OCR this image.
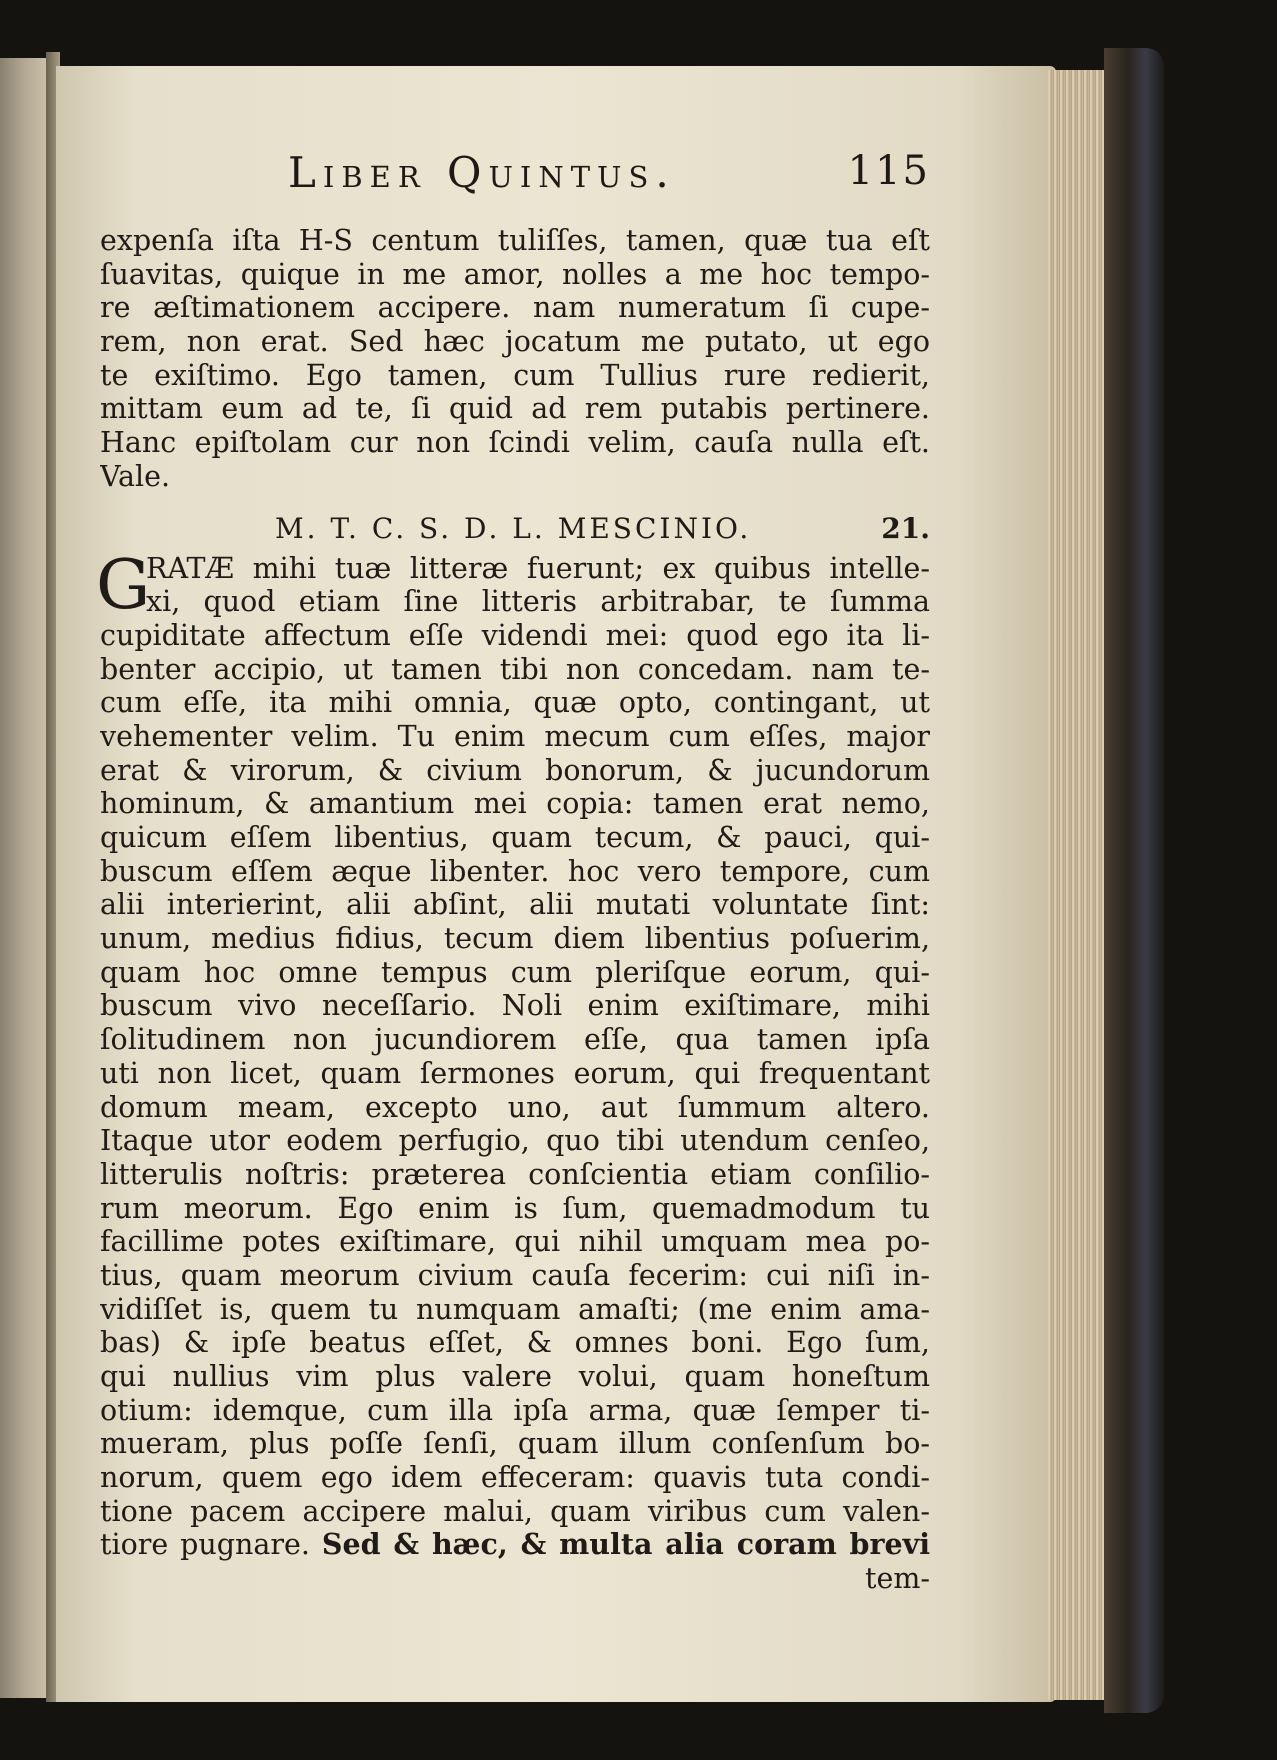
Liber Quintus.	115
expenſa iſta H-S centum tuliſſes, tamen, quæ tua eſt
ſuavitas, quique in me amor, nolles a me hoc tempo-
re æſtimationem accipere. nam numeratum ſi cupe-
rem, non erat. Sed hæc jocatum me putato, ut ego
te exiſtimo. Ego tamen, cum Tullius rure redierit,
mittam eum ad te, ſi quid ad rem putabis pertinere.
Hanc epiſtolam cur non ſcindi velim, cauſa nulla eſt.
Vale.
M. T. C. S. D. L. MESCINIO.	21.
G
RATÆ mihi tuæ litteræ fuerunt; ex quibus intelle-
xi, quod etiam ſine litteris arbitrabar, te ſumma
cupiditate affectum eſſe videndi mei: quod ego ita li-
benter accipio, ut tamen tibi non concedam. nam te-
cum eſſe, ita mihi omnia, quæ opto, contingant, ut
vehementer velim. Tu enim mecum cum eſſes, major
erat & virorum, & civium bonorum, & jucundorum
hominum, & amantium mei copia: tamen erat nemo,
quicum eſſem libentius, quam tecum, & pauci, qui-
buscum eſſem æque libenter. hoc vero tempore, cum
alii interierint, alii abſint, alii mutati voluntate ſint:
unum, medius fidius, tecum diem libentius poſuerim,
quam hoc omne tempus cum pleriſque eorum, qui-
buscum vivo neceſſario. Noli enim exiſtimare, mihi
ſolitudinem non jucundiorem eſſe, qua tamen ipſa
uti non licet, quam ſermones eorum, qui frequentant
domum meam, excepto uno, aut ſummum altero.
Itaque utor eodem perfugio, quo tibi utendum cenſeo,
litterulis noſtris: præterea conſcientia etiam conſilio-
rum meorum. Ego enim is ſum, quemadmodum tu
facillime potes exiſtimare, qui nihil umquam mea po-
tius, quam meorum civium cauſa fecerim: cui niſi in-
vidiſſet is, quem tu numquam amaſti; (me enim ama-
bas) & ipſe beatus eſſet, & omnes boni. Ego ſum,
qui nullius vim plus valere volui, quam honeſtum
otium: idemque, cum illa ipſa arma, quæ ſemper ti-
mueram, plus poſſe ſenſi, quam illum conſenſum bo-
norum, quem ego idem effeceram: quavis tuta condi-
tione pacem accipere malui, quam viribus cum valen-
tiore pugnare. Sed & hæc, & multa alia coram brevi
tem-
